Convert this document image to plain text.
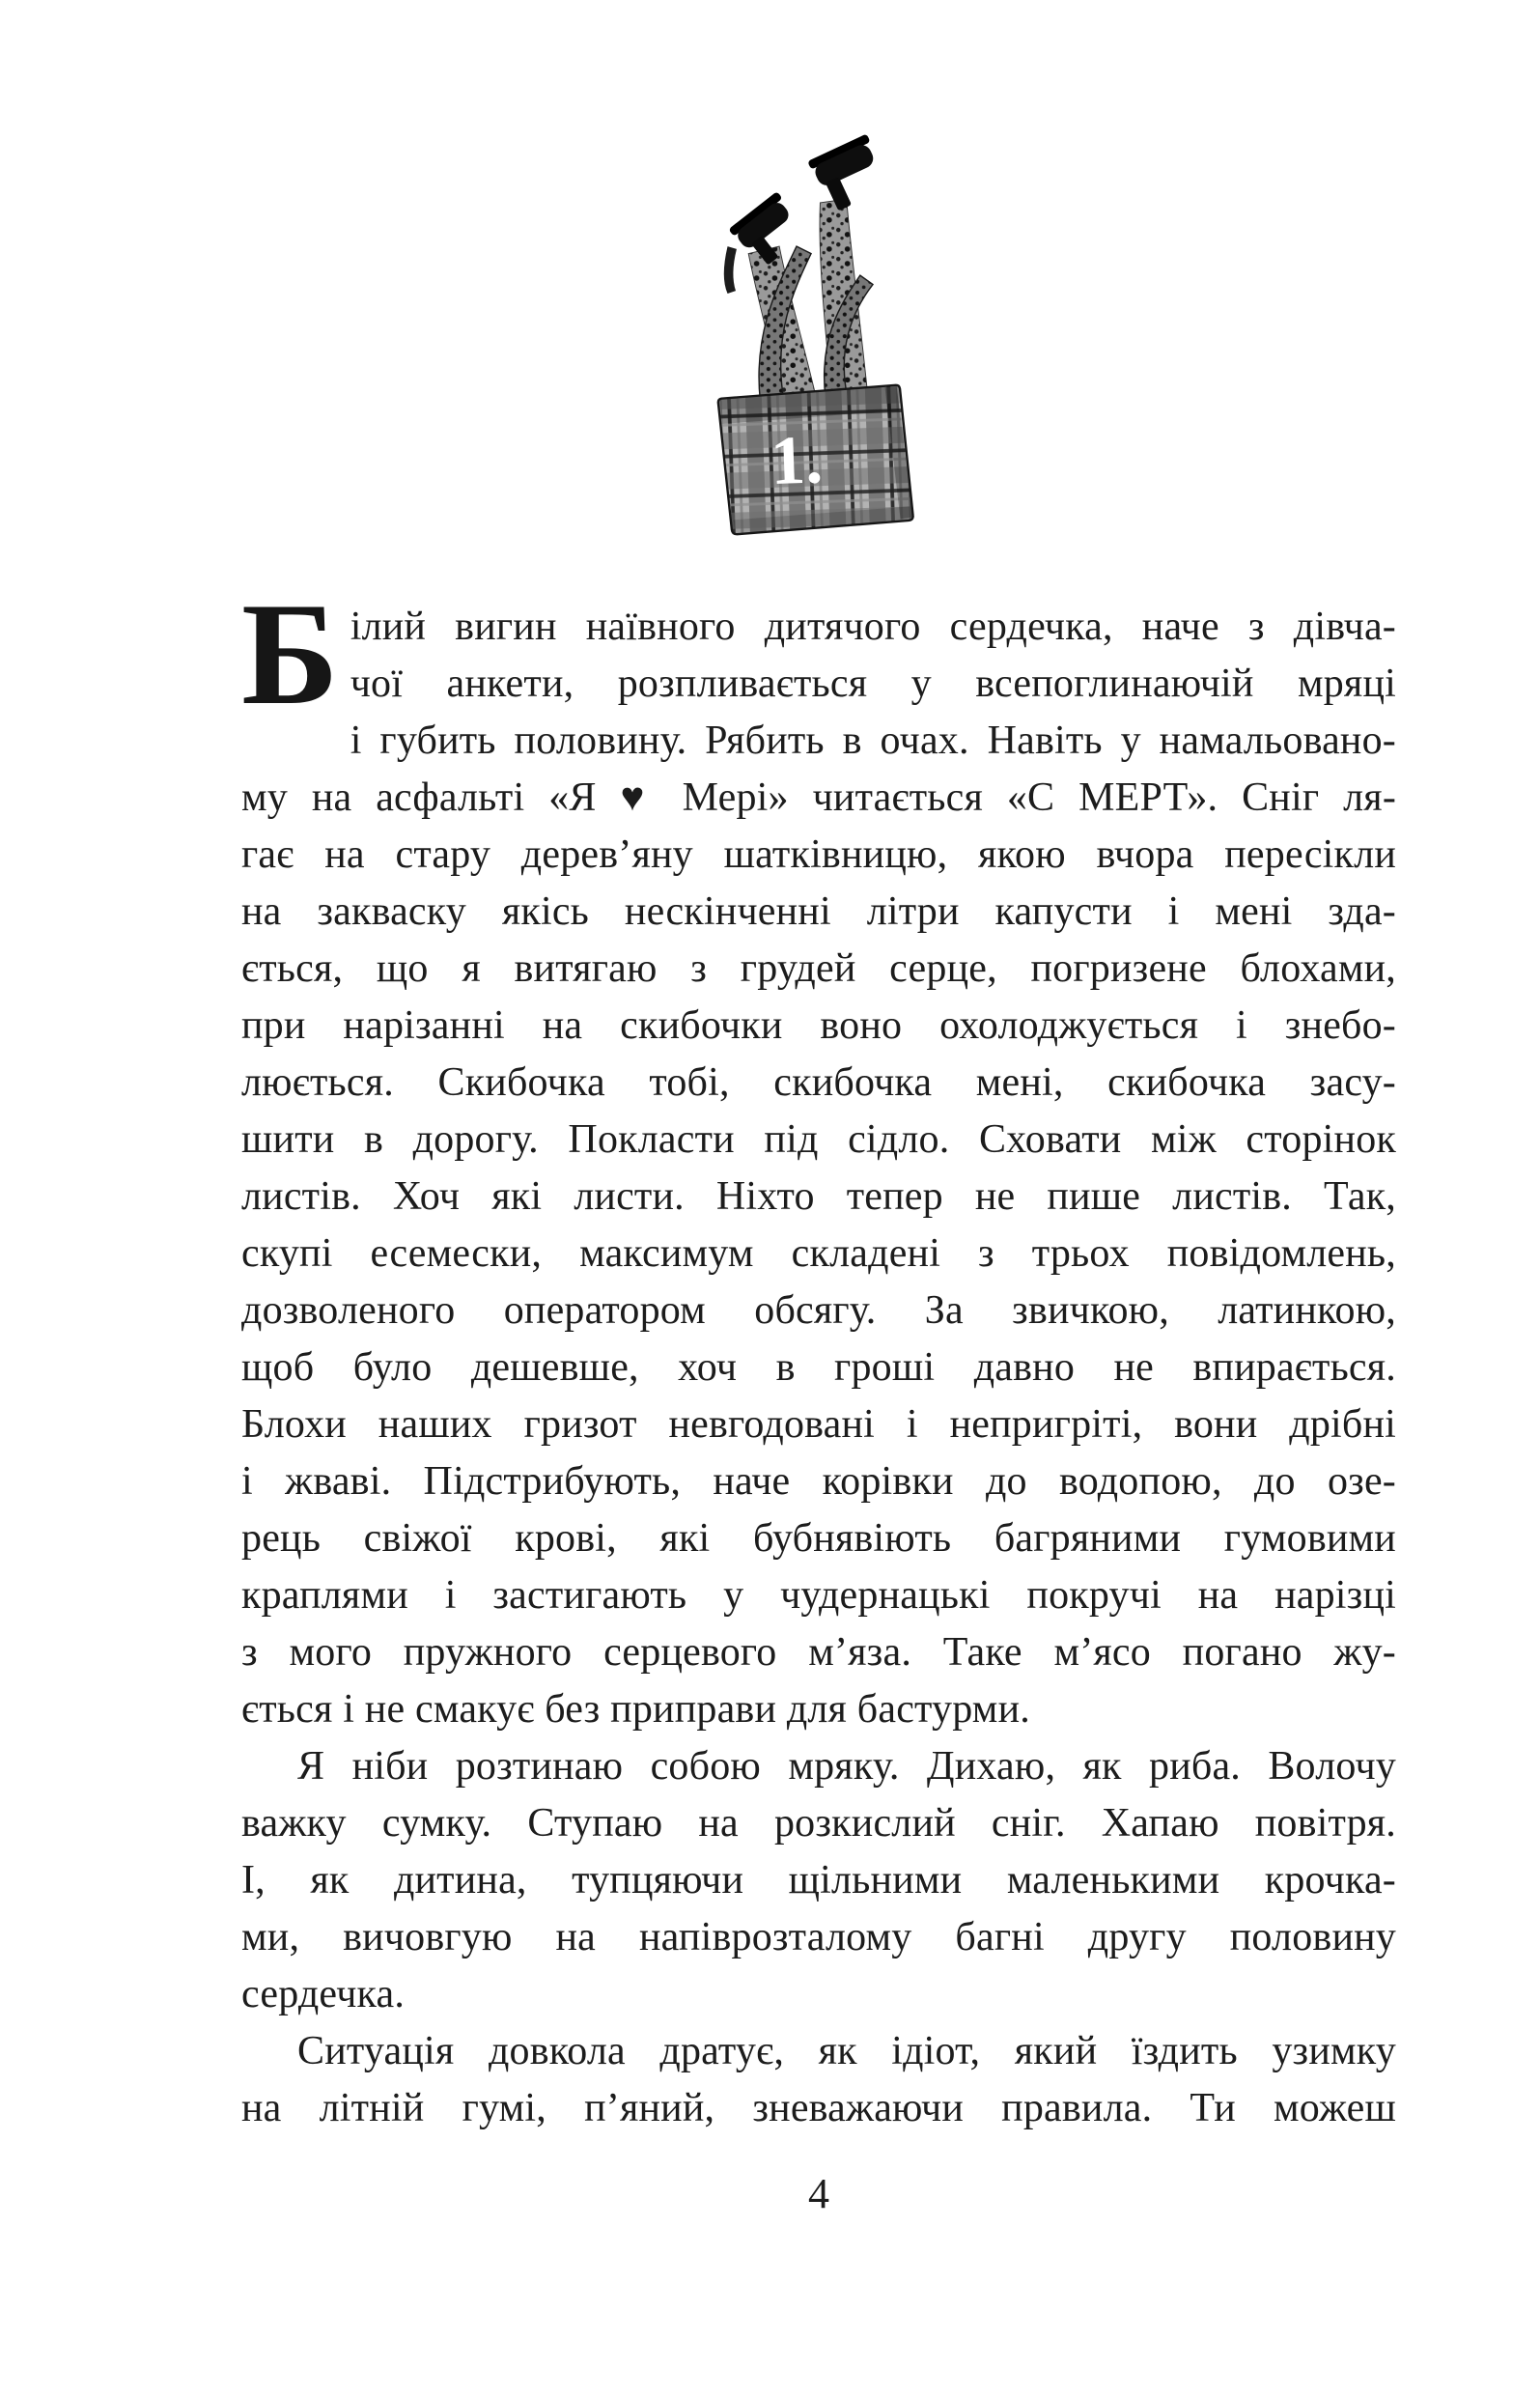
1.
Б ілий вигин наївного дитячого сердечка, наче з дівча-
чої анкети, розпливається у всепоглинаючій мряці
і губить половину. Рябить в очах. Навіть у намальовано-
му на асфальті «Я ♥ Мері» читається «С МЕРТ». Сніг ля-
гає на стару дерев’яну шатківницю, якою вчора пересікли
на закваску якісь нескінченні літри капусти і мені зда-
ється, що я витягаю з грудей серце, погризене блохами,
при нарізанні на скибочки воно охолоджується і знебо-
люється. Скибочка тобі, скибочка мені, скибочка засу-
шити в дорогу. Покласти під сідло. Сховати між сторінок
листів. Хоч які листи. Ніхто тепер не пише листів. Так,
скупі есемески, максимум складені з трьох повідомлень,
дозволеного оператором обсягу. За звичкою, латинкою,
щоб було дешевше, хоч в гроші давно не впирається.
Блохи наших гризот невгодовані і непригріті, вони дрібні
і жваві. Підстрибують, наче корівки до водопою, до озе-
рець свіжої крові, які бубнявіють багряними гумовими
краплями і застигають у чудернацькі покручі на нарізці
з мого пружного серцевого м’яза. Таке м’ясо погано жу-
ється і не смакує без приправи для бастурми.
Я ніби розтинаю собою мряку. Дихаю, як риба. Волочу
важку сумку. Ступаю на розкислий сніг. Хапаю повітря.
І, як дитина, тупцяючи щільними маленькими крочка-
ми, вичовгую на напіврозталому багні другу половину
сердечка.
Ситуація довкола дратує, як ідіот, який їздить узимку
на літній гумі, п’яний, зневажаючи правила. Ти можеш
4
